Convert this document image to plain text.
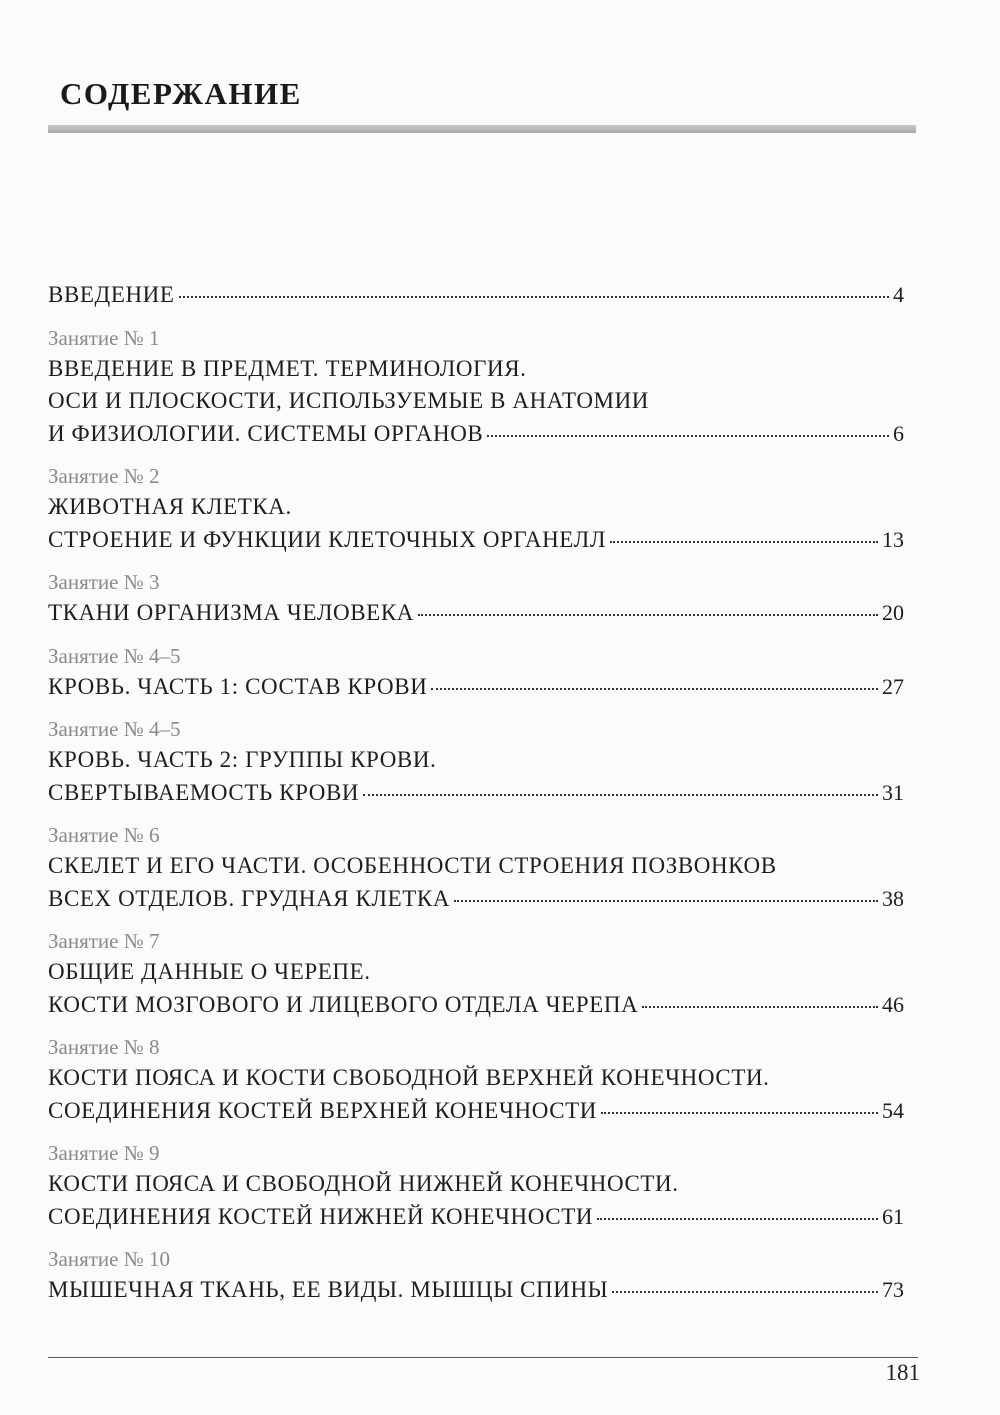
СОДЕРЖАНИЕ
ВВЕДЕНИЕ	4
Занятие № 1
ВВЕДЕНИЕ В ПРЕДМЕТ. ТЕРМИНОЛОГИЯ.
ОСИ И ПЛОСКОСТИ, ИСПОЛЬЗУЕМЫЕ В АНАТОМИИ
И ФИЗИОЛОГИИ. СИСТЕМЫ ОРГАНОВ	6
Занятие № 2
ЖИВОТНАЯ КЛЕТКА.
СТРОЕНИЕ И ФУНКЦИИ КЛЕТОЧНЫХ ОРГАНЕЛЛ	13
Занятие № 3
ТКАНИ ОРГАНИЗМА ЧЕЛОВЕКА	20
Занятие № 4–5
КРОВЬ. ЧАСТЬ 1: СОСТАВ КРОВИ	27
Занятие № 4–5
КРОВЬ. ЧАСТЬ 2: ГРУППЫ КРОВИ.
СВЕРТЫВАЕМОСТЬ КРОВИ	31
Занятие № 6
СКЕЛЕТ И ЕГО ЧАСТИ. ОСОБЕННОСТИ СТРОЕНИЯ ПОЗВОНКОВ
ВСЕХ ОТДЕЛОВ. ГРУДНАЯ КЛЕТКА	38
Занятие № 7
ОБЩИЕ ДАННЫЕ О ЧЕРЕПЕ.
КОСТИ МОЗГОВОГО И ЛИЦЕВОГО ОТДЕЛА ЧЕРЕПА	46
Занятие № 8
КОСТИ ПОЯСА И КОСТИ СВОБОДНОЙ ВЕРХНЕЙ КОНЕЧНОСТИ.
СОЕДИНЕНИЯ КОСТЕЙ ВЕРХНЕЙ КОНЕЧНОСТИ	54
Занятие № 9
КОСТИ ПОЯСА И СВОБОДНОЙ НИЖНЕЙ КОНЕЧНОСТИ.
СОЕДИНЕНИЯ КОСТЕЙ НИЖНЕЙ КОНЕЧНОСТИ	61
Занятие № 10
МЫШЕЧНАЯ ТКАНЬ, ЕЕ ВИДЫ. МЫШЦЫ СПИНЫ	73
181
